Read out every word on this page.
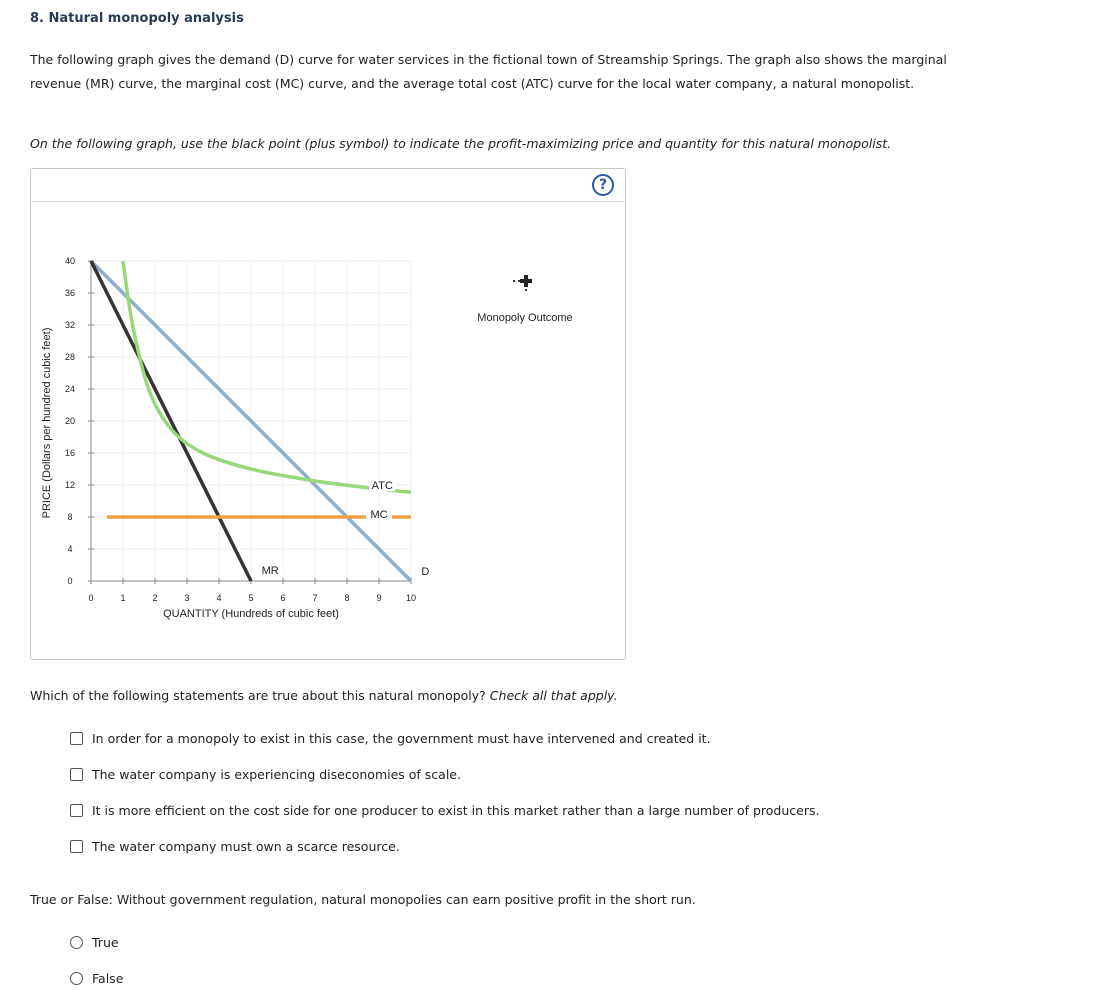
8. Natural monopoly analysis
The following graph gives the demand (D) curve for water services in the fictional town of Streamship Springs. The graph also shows the marginal
revenue (MR) curve, the marginal cost (MC) curve, and the average total cost (ATC) curve for the local water company, a natural monopolist.
On the following graph, use the black point (plus symbol) to indicate the profit-maximizing price and quantity for this natural monopolist.
?
0	1	2	3	4	5	6	7	8	9	10
0
4
8
12
16
20
24
28
32
36
40
D
MR
MC
ATC
PRICE (Dollars per hundred cubic feet)
QUANTITY (Hundreds of cubic feet)
Monopoly Outcome
Which of the following statements are true about this natural monopoly? Check all that apply.
In order for a monopoly to exist in this case, the government must have intervened and created it.
The water company is experiencing diseconomies of scale.
It is more efficient on the cost side for one producer to exist in this market rather than a large number of producers.
The water company must own a scarce resource.
True or False: Without government regulation, natural monopolies can earn positive profit in the short run.
True
False
